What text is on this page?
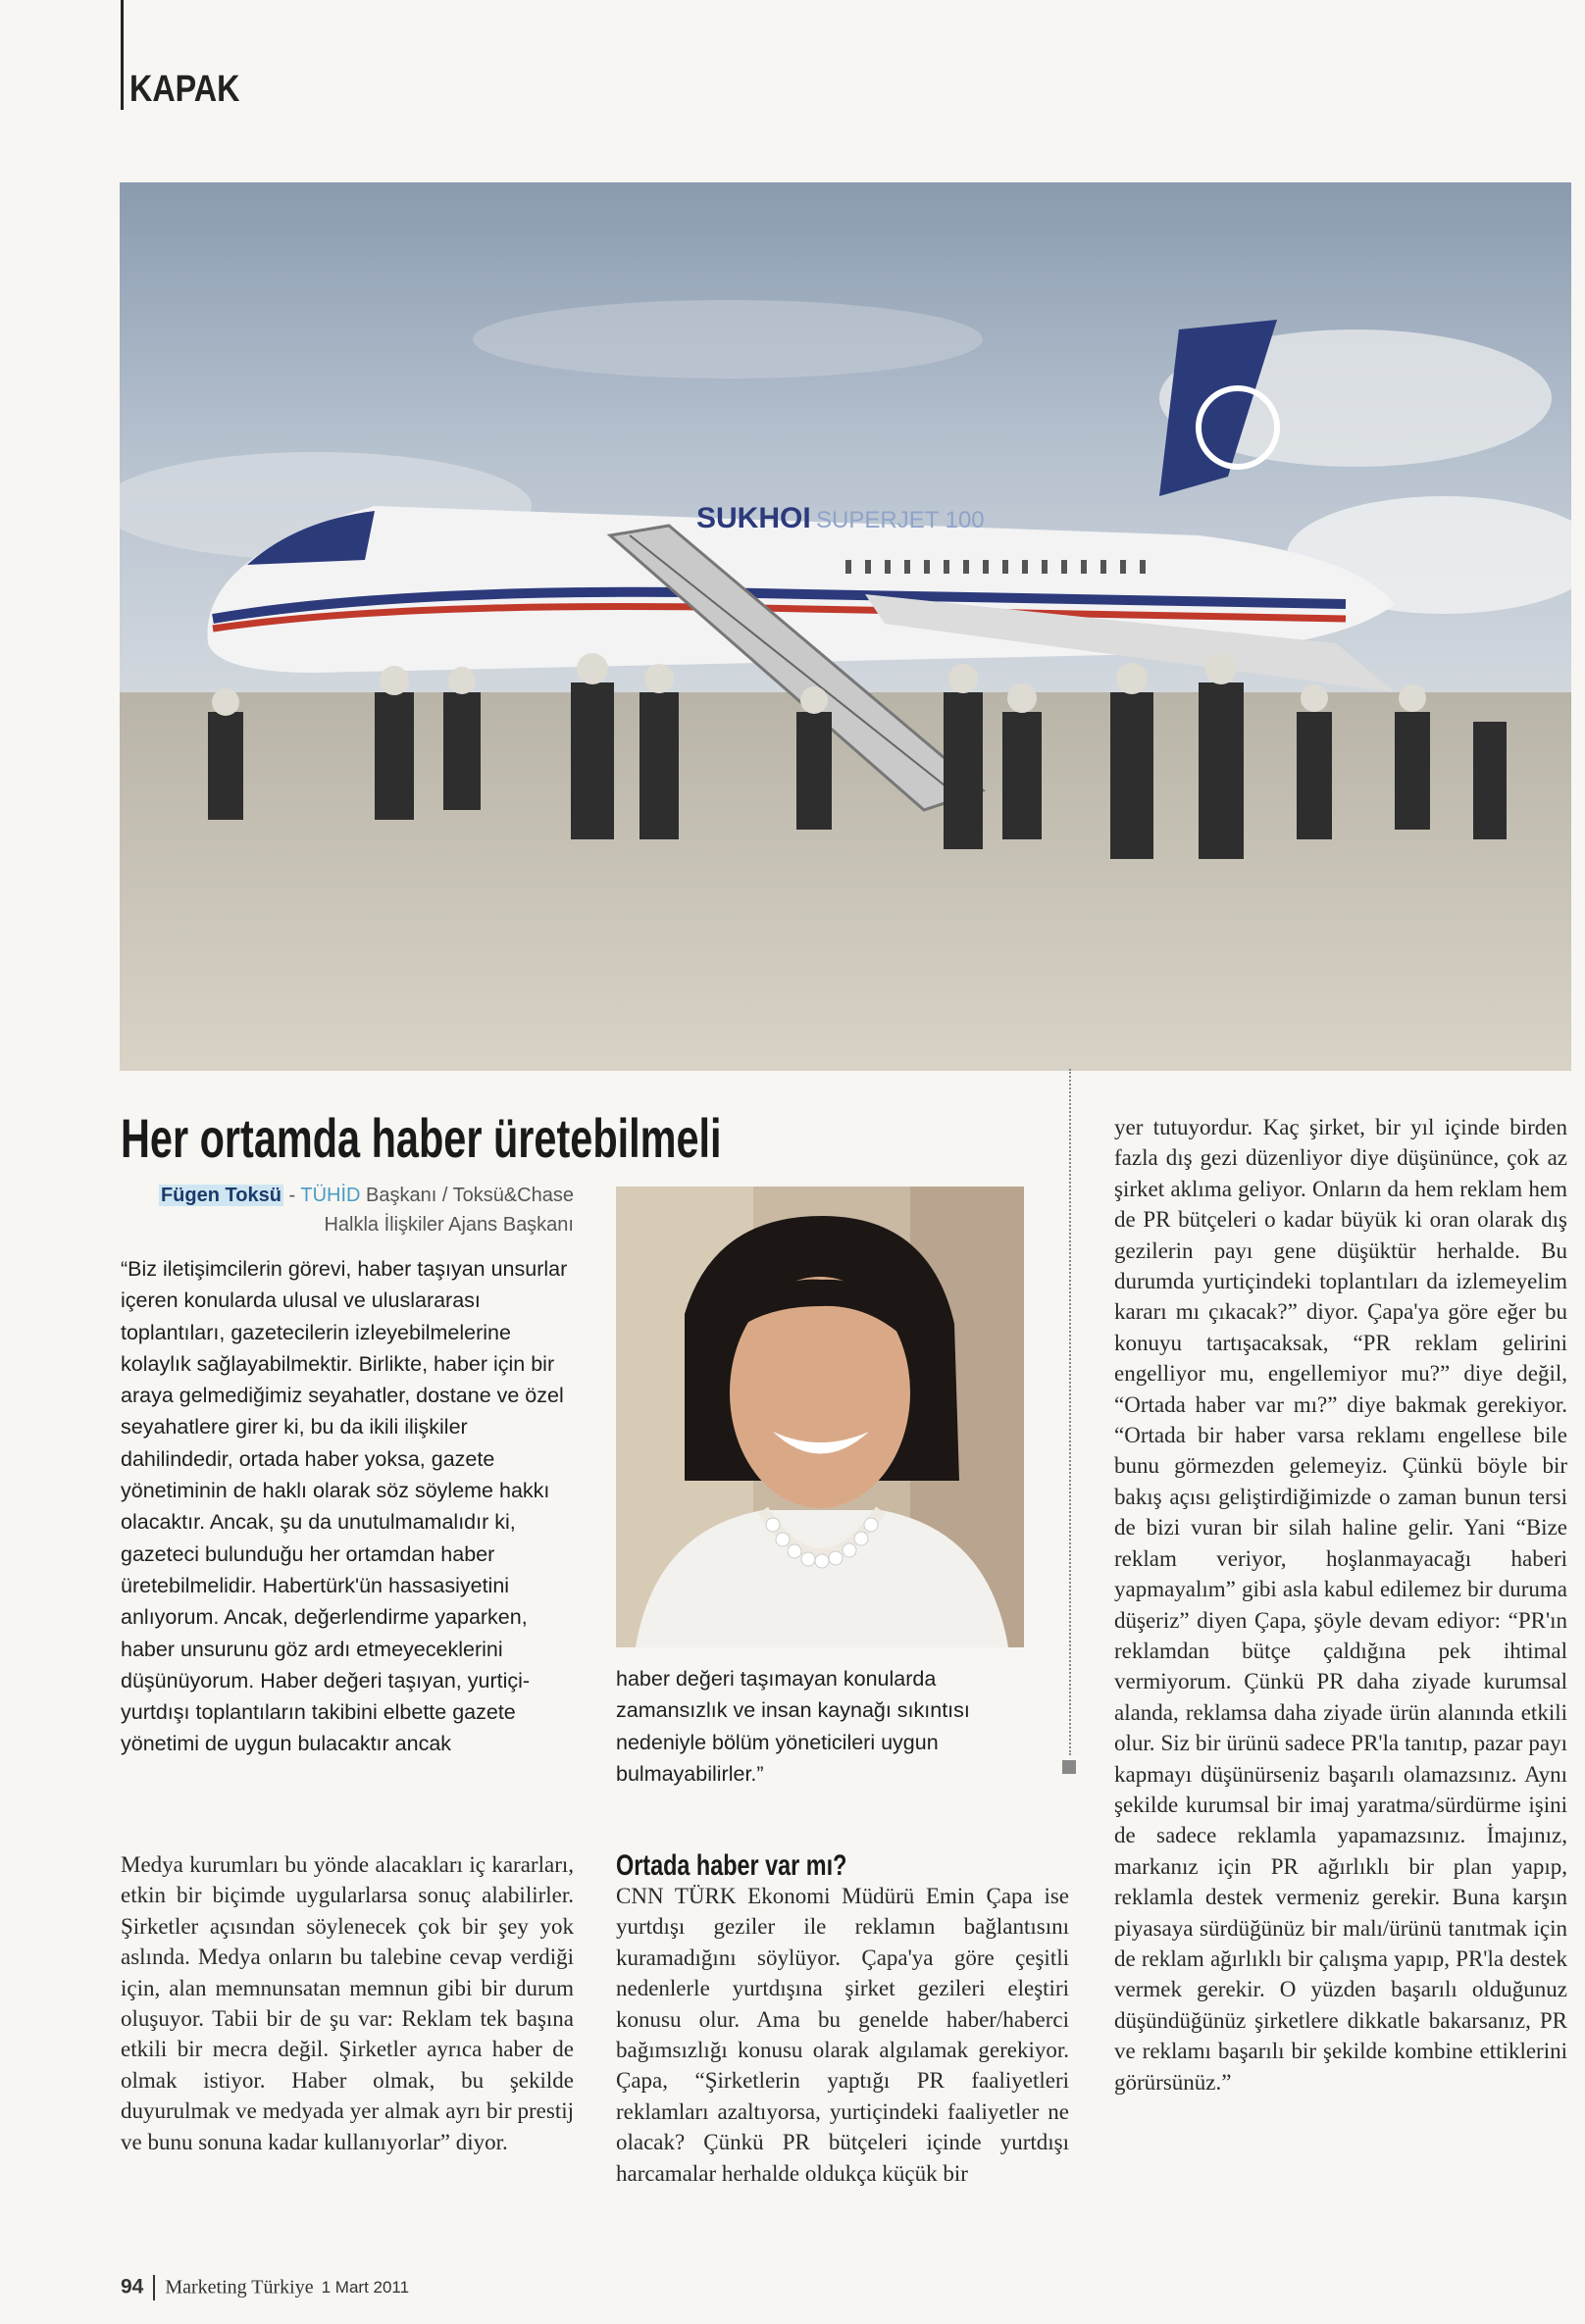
KAPAK
SUKHOI SUPERJET 100
Her ortamda haber üretebilmeli
Fügen Toksü - TÜHİD Başkanı / Toksü&Chase
Halkla İlişkiler Ajans Başkanı
“Biz iletişimcilerin görevi, haber taşıyan unsurlar içeren konularda ulusal ve uluslararası toplantıları, gazetecilerin izleyebilmelerine kolaylık sağlayabilmektir. Birlikte, haber için bir araya gelmediğimiz seyahatler, dostane ve özel seyahatlere girer ki, bu da ikili ilişkiler dahilindedir, ortada haber yoksa, gazete yönetiminin de haklı olarak söz söyleme hakkı olacaktır. Ancak, şu da unutulmamalıdır ki, gazeteci bulunduğu her ortamdan haber üretebilmelidir. Habertürk'ün hassasiyetini anlıyorum. Ancak, değerlendirme yaparken, haber unsurunu göz ardı etmeyeceklerini düşünüyorum. Haber değeri taşıyan, yurtiçi-yurtdışı toplantıların takibini elbette gazete yönetimi de uygun bulacaktır ancak
haber değeri taşımayan konularda zamansızlık ve insan kaynağı sıkıntısı nedeniyle bölüm yöneticileri uygun bulmayabilirler.”
Medya kurumları bu yönde alacakları iç kararları, etkin bir biçimde uygularlarsa sonuç alabilirler. Şirketler açısından söylenecek çok bir şey yok aslında. Medya onların bu talebine cevap verdiği için, alan memnunsatan memnun gibi bir durum oluşuyor. Tabii bir de şu var: Reklam tek başına etkili bir mecra değil. Şirketler ayrıca haber de olmak istiyor. Haber olmak, bu şekilde duyurulmak ve medyada yer almak ayrı bir prestij ve bunu sonuna kadar kullanıyorlar” diyor.
Ortada haber var mı?
CNN TÜRK Ekonomi Müdürü Emin Çapa ise yurtdışı geziler ile reklamın bağlantısını kuramadığını söylüyor. Çapa'ya göre çeşitli nedenlerle yurtdışına şirket gezileri eleştiri konusu olur. Ama bu genelde haber/haberci bağımsızlığı konusu olarak algılamak gerekiyor. Çapa, “Şirketlerin yaptığı PR faaliyetleri reklamları azaltıyorsa, yurtiçindeki faaliyetler ne olacak? Çünkü PR bütçeleri içinde yurtdışı harcamalar herhalde oldukça küçük bir
yer tutuyordur. Kaç şirket, bir yıl içinde birden fazla dış gezi düzenliyor diye düşününce, çok az şirket aklıma geliyor. Onların da hem reklam hem de PR bütçeleri o kadar büyük ki oran olarak dış gezilerin payı gene düşüktür herhalde. Bu durumda yurtiçindeki toplantıları da izlemeyelim kararı mı çıkacak?” diyor. Çapa'ya göre eğer bu konuyu tartışacaksak, “PR reklam gelirini engelliyor mu, engellemiyor mu?” diye değil, “Ortada haber var mı?” diye bakmak gerekiyor. “Ortada bir haber varsa reklamı engellese bile bunu görmezden gelemeyiz. Çünkü böyle bir bakış açısı geliştirdiğimizde o zaman bunun tersi de bizi vuran bir silah haline gelir. Yani “Bize reklam veriyor, hoşlanmayacağı haberi yapmayalım” gibi asla kabul edilemez bir duruma düşeriz” diyen Çapa, şöyle devam ediyor: “PR'ın reklamdan bütçe çaldığına pek ihtimal vermiyorum. Çünkü PR daha ziyade kurumsal alanda, reklamsa daha ziyade ürün alanında etkili olur. Siz bir ürünü sadece PR'la tanıtıp, pazar payı kapmayı düşünürseniz başarılı olamazsınız. Aynı şekilde kurumsal bir imaj yaratma/sürdürme işini de sadece reklamla yapamazsınız. İmajınız, markanız için PR ağırlıklı bir plan yapıp, reklamla destek vermeniz gerekir. Buna karşın piyasaya sürdüğünüz bir malı/ürünü tanıtmak için de reklam ağırlıklı bir çalışma yapıp, PR'la destek vermek gerekir. O yüzden başarılı olduğunuz düşündüğünüz şirketlere dikkatle bakarsanız, PR ve reklamı başarılı bir şekilde kombine ettiklerini görürsünüz.”
94 Marketing Türkiye 1 Mart 2011
